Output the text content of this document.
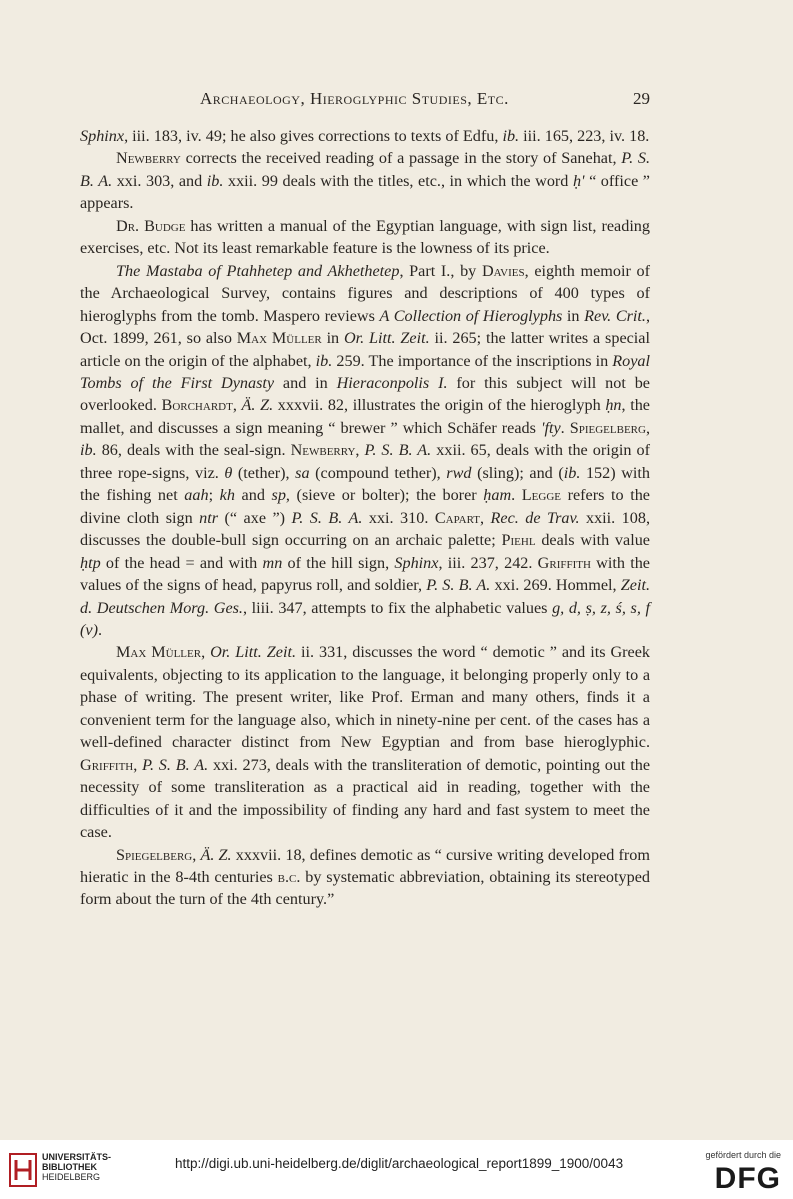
Archaeology, Hieroglyphic Studies, Etc.	29

Sphinx, iii. 183, iv. 49; he also gives corrections to texts of Edfu, ib. iii. 165, 223, iv. 18.

Newberry corrects the received reading of a passage in the story of Sanehat, P. S. B. A. xxi. 303, and ib. xxii. 99 deals with the titles, etc., in which the word ḥ' “ office ” appears.

Dr. Budge has written a manual of the Egyptian language, with sign list, reading exercises, etc. Not its least remarkable feature is the lowness of its price.

The Mastaba of Ptahhetep and Akhethetep, Part I., by Davies, eighth memoir of the Archaeological Survey, contains figures and descriptions of 400 types of hieroglyphs from the tomb. Maspero reviews A Collection of Hieroglyphs in Rev. Crit., Oct. 1899, 261, so also Max Müller in Or. Litt. Zeit. ii. 265; the latter writes a special article on the origin of the alphabet, ib. 259. The importance of the inscriptions in Royal Tombs of the First Dynasty and in Hieraconpolis I. for this subject will not be overlooked. Borchardt, Ä. Z. xxxvii. 82, illustrates the origin of the hieroglyph ḥn, the mallet, and discusses a sign meaning “ brewer ” which Schäfer reads 'fty. Spiegelberg, ib. 86, deals with the seal-sign. Newberry, P. S. B. A. xxii. 65, deals with the origin of three rope-signs, viz. θ (tether), sa (compound tether), rwd (sling); and (ib. 152) with the fishing net aah; kh and sp, (sieve or bolter); the borer ḥam. Legge refers to the divine cloth sign ntr (“ axe ”) P. S. B. A. xxi. 310. Capart, Rec. de Trav. xxii. 108, discusses the double-bull sign occurring on an archaic palette; Piehl deals with value ḥtp of the head = and with mn of the hill sign, Sphinx, iii. 237, 242. Griffith with the values of the signs of head, papyrus roll, and soldier, P. S. B. A. xxi. 269. Hommel, Zeit. d. Deutschen Morg. Ges., liii. 347, attempts to fix the alphabetic values g, d, ṣ, z, ś, s, f (v).

Max Müller, Or. Litt. Zeit. ii. 331, discusses the word “ demotic ” and its Greek equivalents, objecting to its application to the language, it belonging properly only to a phase of writing. The present writer, like Prof. Erman and many others, finds it a convenient term for the language also, which in ninety-nine per cent. of the cases has a well-defined character distinct from New Egyptian and from base hieroglyphic. Griffith, P. S. B. A. xxi. 273, deals with the transliteration of demotic, pointing out the necessity of some transliteration as a practical aid in reading, together with the difficulties of it and the impossibility of finding any hard and fast system to meet the case.

Spiegelberg, Ä. Z. xxxvii. 18, defines demotic as “ cursive writing developed from hieratic in the 8-4th centuries b.c. by systematic abbreviation, obtaining its stereotyped form about the turn of the 4th century.”

UNIVERSITÄTS-
BIBLIOTHEK
HEIDELBERG
http://digi.ub.uni-heidelberg.de/diglit/archaeological_report1899_1900/0043
gefördert durch die
DFG
